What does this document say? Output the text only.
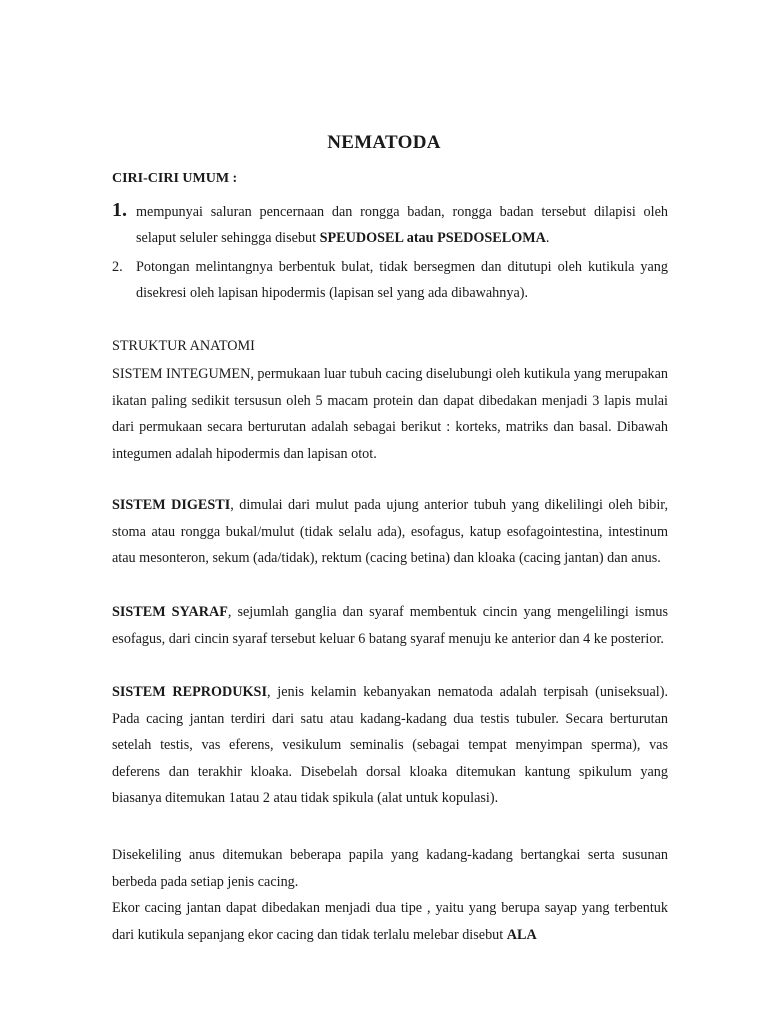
NEMATODA
CIRI-CIRI UMUM :
1. mempunyai saluran pencernaan dan rongga badan, rongga badan tersebut dilapisi oleh selaput seluler sehingga disebut SPEUDOSEL atau PSEDOSELOMA.
2. Potongan melintangnya berbentuk bulat, tidak bersegmen dan ditutupi oleh kutikula yang disekresi oleh lapisan hipodermis (lapisan sel yang ada dibawahnya).
STRUKTUR ANATOMI
SISTEM INTEGUMEN, permukaan luar tubuh cacing diselubungi oleh kutikula yang merupakan ikatan paling sedikit tersusun oleh 5 macam protein dan dapat dibedakan menjadi 3 lapis mulai dari permukaan secara berturutan adalah sebagai berikut : korteks, matriks dan basal. Dibawah integumen adalah hipodermis dan lapisan otot.
SISTEM DIGESTI, dimulai dari mulut pada ujung anterior tubuh yang dikelilingi oleh bibir, stoma atau rongga bukal/mulut (tidak selalu ada), esofagus, katup esofagointestina, intestinum atau mesonteron, sekum (ada/tidak), rektum (cacing betina) dan kloaka (cacing jantan) dan anus.
SISTEM SYARAF, sejumlah ganglia dan syaraf membentuk cincin yang mengelilingi ismus esofagus, dari cincin syaraf tersebut keluar 6 batang syaraf menuju ke anterior dan 4 ke posterior.
SISTEM REPRODUKSI, jenis kelamin kebanyakan nematoda adalah terpisah (uniseksual). Pada cacing jantan terdiri dari satu atau kadang-kadang dua testis tubuler. Secara berturutan setelah testis, vas eferens, vesikulum seminalis (sebagai tempat menyimpan sperma), vas deferens dan terakhir kloaka. Disebelah dorsal kloaka ditemukan kantung spikulum yang biasanya ditemukan 1atau 2 atau tidak spikula (alat untuk kopulasi).
Disekeliling anus ditemukan beberapa papila yang kadang-kadang bertangkai serta susunan berbeda pada setiap jenis cacing.
Ekor cacing jantan dapat dibedakan menjadi dua tipe , yaitu yang berupa sayap yang terbentuk dari kutikula sepanjang ekor cacing dan tidak terlalu melebar disebut ALA
